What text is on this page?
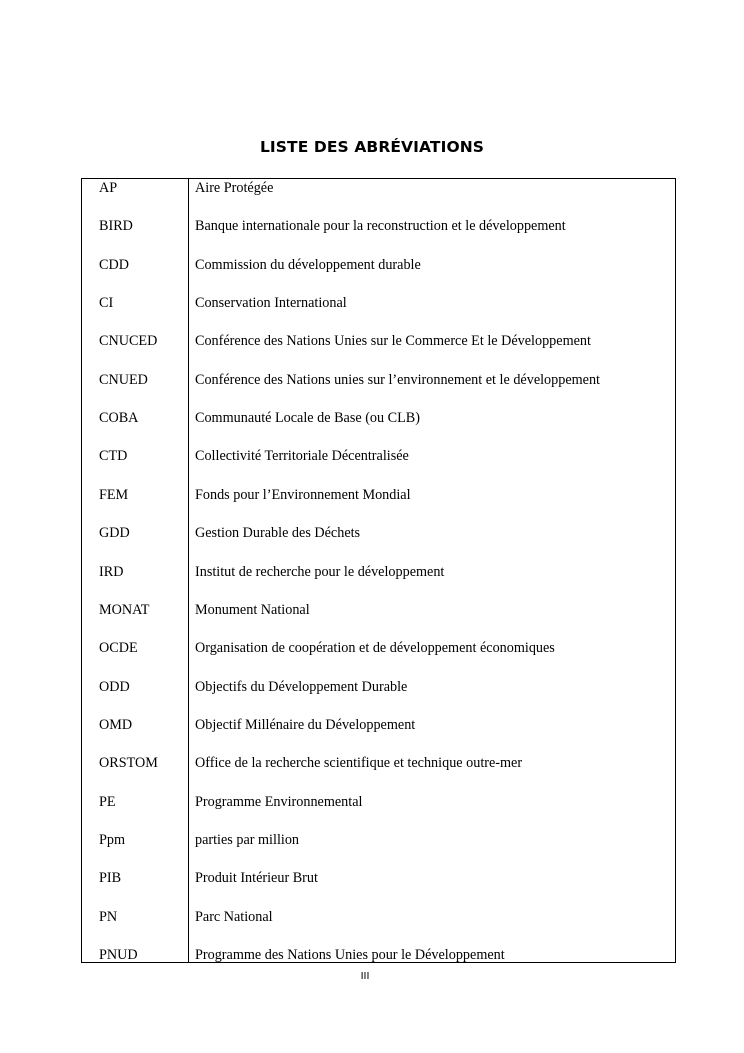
LISTE DES ABRÉVIATIONS
AP	Aire Protégée
BIRD	Banque internationale pour la reconstruction et le développement
CDD	Commission du développement durable
CI	Conservation International
CNUCED	Conférence des Nations Unies sur le Commerce Et le Développement
CNUED	Conférence des Nations unies sur l’environnement et le développement
COBA	Communauté Locale de Base (ou CLB)
CTD	Collectivité Territoriale Décentralisée
FEM	Fonds pour l’Environnement Mondial
GDD	Gestion Durable des Déchets
IRD	Institut de recherche pour le développement
MONAT	Monument National
OCDE	Organisation de coopération et de développement économiques
ODD	Objectifs du Développement Durable
OMD	Objectif Millénaire du Développement
ORSTOM	Office de la recherche scientifique et technique outre-mer
PE	Programme Environnemental
Ppm	parties par million
PIB	Produit Intérieur Brut
PN	Parc National
PNUD	Programme des Nations Unies pour le Développement
III
